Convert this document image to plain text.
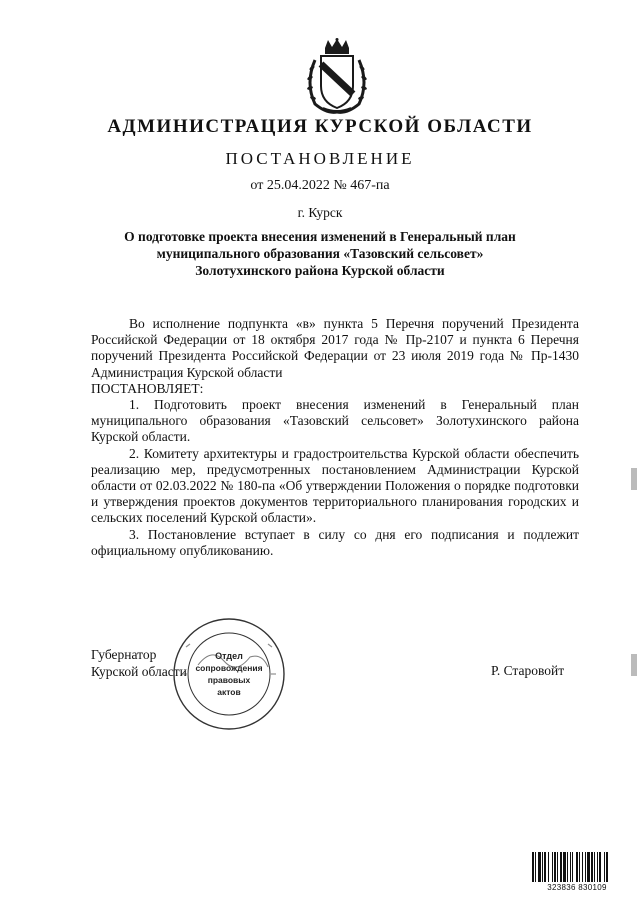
АДМИНИСТРАЦИЯ КУРСКОЙ ОБЛАСТИ
ПОСТАНОВЛЕНИЕ
от 25.04.2022 № 467-па
г. Курск
О подготовке проекта внесения изменений в Генеральный план
муниципального образования «Тазовский сельсовет»
Золотухинского района Курской области

Во исполнение подпункта «в» пункта 5 Перечня поручений Президента Российской Федерации от 18 октября 2017 года № Пр-2107 и пункта 6 Перечня поручений Президента Российской Федерации от 23 июля 2019 года № Пр-1430 Администрация Курской области

ПОСТАНОВЛЯЕТ:

1. Подготовить проект внесения изменений в Генеральный план муниципального образования «Тазовский сельсовет» Золотухинского района Курской области.

2. Комитету архитектуры и градостроительства Курской области обеспечить реализацию мер, предусмотренных постановлением Администрации Курской области от 02.03.2022 № 180-па «Об утверждении Положения о порядке подготовки и утверждения проектов документов территориального планирования городских и сельских поселений Курской области».

3. Постановление вступает в силу со дня его подписания и подлежит официальному опубликованию.

Губернатор
Курской области	Р. Старовойт
Отдел
сопровождения
правовых
актов
323836 830109
